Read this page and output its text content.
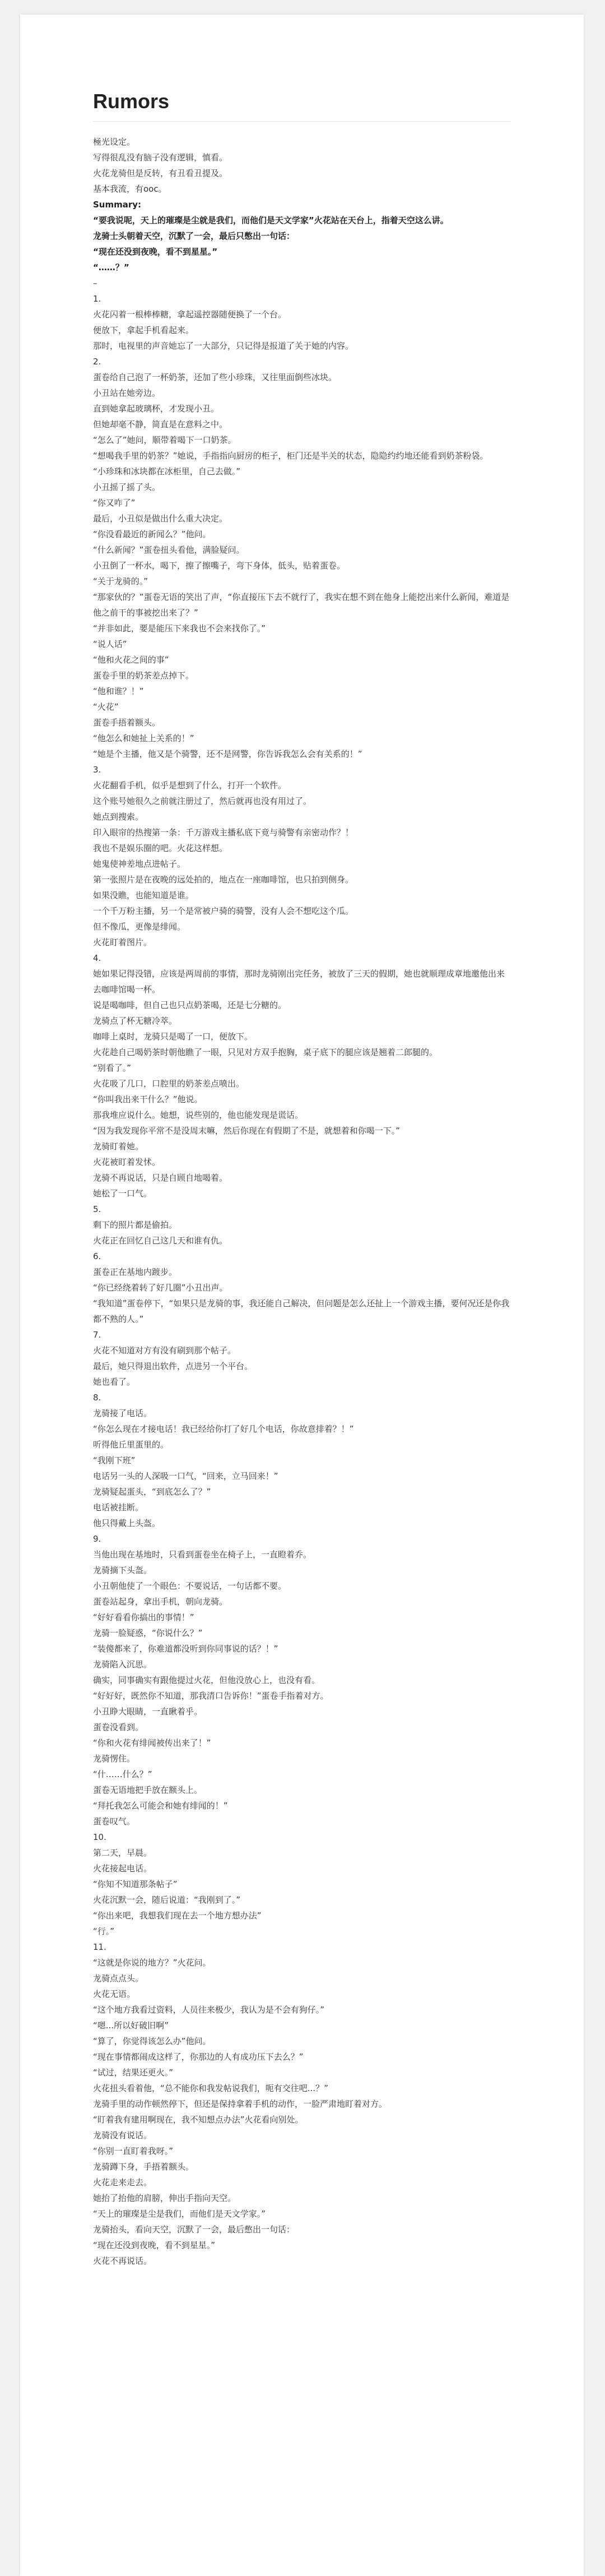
Rumors
極光设定。
写得很乱没有脑子没有逻辑，慎看。
火花龙骑但是反转，有丑看丑提及。
基本我流，有ooc。
Summary:
“要我说呢，天上的璀璨是尘就是我们，而他们是天文学家”火花站在天台上，指着天空这么讲。
龙骑士头朝着天空，沉默了一会，最后只憋出一句话：
“现在还没到夜晚，看不到星星。”
“……？”
–
1.
火花闪着一根棒棒糖，拿起遥控器随便换了一个台。
便放下，拿起手机看起来。
那时，电视里的声音她忘了一大部分，只记得是报道了关于她的内容。
2.
蛋卷给自己泡了一杯奶茶，还加了些小珍珠，又往里面倒些冰块。
小丑站在她旁边。
直到她拿起玻璃杯，才发现小丑。
但她却毫不静，简直是在意料之中。
“怎么了”她问，顺带着喝下一口奶茶。
“想喝我手里的奶茶？”她说，手指指向厨房的柜子，柜门还是半关的状态，隐隐约约地还能看到奶茶粉袋。
“小珍珠和冰块都在冰柜里，自己去做。”
小丑摇了摇了头。
“你又咋了”
最后，小丑似是做出什么重大决定。
“你没看最近的新闻么？”他问。
“什么新闻？”蛋卷扭头看他，满脸疑问。
小丑倒了一杯水，喝下，擦了擦嘴子，弯下身体，低头，贴着蛋卷。
“关于龙骑的。”
“那家伙的？”蛋卷无语的笑出了声，“你直接压下去不就行了，我实在想不到在他身上能挖出来什么新闻，难道是他之前干的事被挖出来了？”
“并非如此，要是能压下来我也不会来找你了。”
“说人话”
“他和火花之间的事”
蛋卷手里的奶茶差点掉下。
“他和谁？！”
“火花”
蛋卷手捂着额头。
“他怎么和她扯上关系的！”
“她是个主播，他又是个骑警，还不是网警，你告诉我怎么会有关系的！”
3.
火花翻看手机，似乎是想到了什么，打开一个软件。
这个账号她很久之前就注册过了，然后就再也没有用过了。
她点到搜索。
印入眼帘的热搜第一条：千万游戏主播私底下竟与骑警有亲密动作？！
我也不是娱乐圈的吧。火花这样想。
她鬼使神差地点进帖子。
第一张照片是在夜晚的远处拍的，地点在一座咖啡馆，也只拍到侧身。
如果没瞧，也能知道是谁。
一个千万粉主播，另一个是常被户骑的骑警，没有人会不想吃这个瓜。
但不像瓜，更像是绯闻。
火花盯着图片。
4.
她如果记得没错，应该是两周前的事情，那时龙骑刚出完任务，被放了三天的假期，她也就顺理成章地邀他出来去咖啡馆喝一杯。
说是喝咖啡，但自己也只点奶茶喝，还是七分糖的。
龙骑点了杯无糖冷萃。
咖啡上桌时，龙骑只是喝了一口，便放下。
火花趁自己喝奶茶时朝他瞧了一眼，只见对方双手抱胸，桌子底下的腿应该是翘着二郎腿的。
“别看了。”
火花吸了几口，口腔里的奶茶差点喷出。
“你叫我出来干什么？”他说。
那我堆应说什么。她想，说些别的，他也能发现是谎话。
“因为我发现你平常不是没周末嘛，然后你现在有假期了不是，就想着和你喝一下。”
龙骑盯着她。
火花被盯着发怵。
龙骑不再说话，只是自顾自地喝着。
她松了一口气。
5.
剩下的照片都是偷拍。
火花正在回忆自己这几天和谁有仇。
6.
蛋卷正在基地内踱步。
“你已经绕着转了好几圈”小丑出声。
“我知道”蛋卷停下，“如果只是龙骑的事，我还能自己解决，但问题是怎么还扯上一个游戏主播，要何况还是你我都不熟的人。”
7.
火花不知道对方有没有刷到那个帖子。
最后，她只得退出软件，点进另一个平台。
她也看了。
8.
龙骑接了电话。
“你怎么现在才接电话！我已经给你打了好几个电话，你故意排着？！”
听得他丘里蛋里的。
“我刚下班”
电话另一头的人深吸一口气，“回来，立马回来！”
龙骑疑起蛋头，“到底怎么了？”
电话被挂断。
他只得戴上头盔。
9.
当他出现在基地时，只看到蛋卷坐在椅子上，一直瞪着乔。
龙骑摘下头盔。
小丑朝他使了一个眼色：不要说话，一句话都不要。
蛋卷站起身，拿出手机，朝向龙骑。
“好好看看你搞出的事情！”
龙骑一脸疑惑，“你说什么？”
“装傻都来了，你难道都没听到你同事说的话？！”
龙骑陷入沉思。
确实，同事确实有跟他提过火花，但他没放心上，也没有看。
“好好好，既然你不知道，那我清口告诉你！”蛋卷手指着对方。
小丑睁大眼睛，一直瞅着乎。
蛋卷没看到。
“你和火花有绯闻被传出来了！”
龙骑愣住。
“什……什么？”
蛋卷无语地把手放在额头上。
“拜托我怎么可能会和她有绯闻的！”
蛋卷叹气。
10.
第二天，早晨。
火花接起电话。
“你知不知道那条帖子”
火花沉默一会，随后说道：“我刚到了。”
“你出来吧，我想我们现在去一个地方想办法”
“行。”
11.
“这就是你说的地方？”火花问。
龙骑点点头。
火花无语。
“这个地方我看过资料，人员往来极少，我认为是不会有狗仔。”
“嗯...所以好破旧啊”
“算了，你觉得该怎么办”他问。
“现在事情都闹成这样了，你那边的人有成功压下去么？”
“试过，结果还更火。”
火花扭头看着他，“总不能你和我发帖说我们，呃有交往吧...？”
龙骑手里的动作顿然停下，但还是保持拿着手机的动作，一脸严肃地盯着对方。
“盯着我有建用啊现在，我不知想点办法”火花看向别处。
龙骑没有说话。
“你别一直盯着我呀。”
龙骑蹲下身，手捂着额头。
火花走来走去。
她抬了抬他的肩膀，伸出手指向天空。
“天上的璀璨是尘是我们，而他们是天文学家。”
龙骑抬头，看向天空，沉默了一会，最后憋出一句话：
“现在还没到夜晚，看不到星星。”
火花不再说话。
